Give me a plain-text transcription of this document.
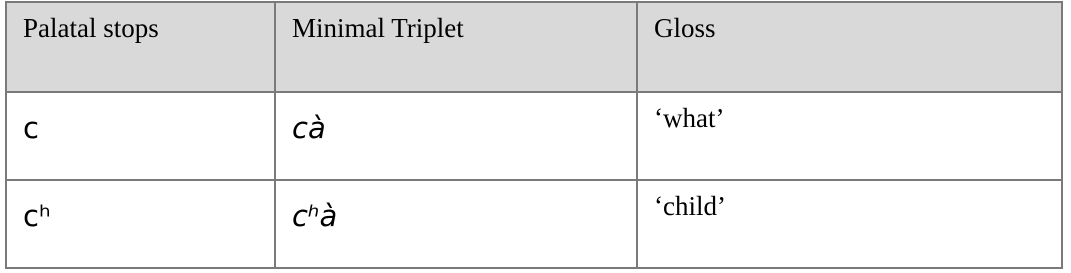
Palatal stops	Minimal Triplet	Gloss
c	cà	‘what’
cʰ	cʰà	‘child’
